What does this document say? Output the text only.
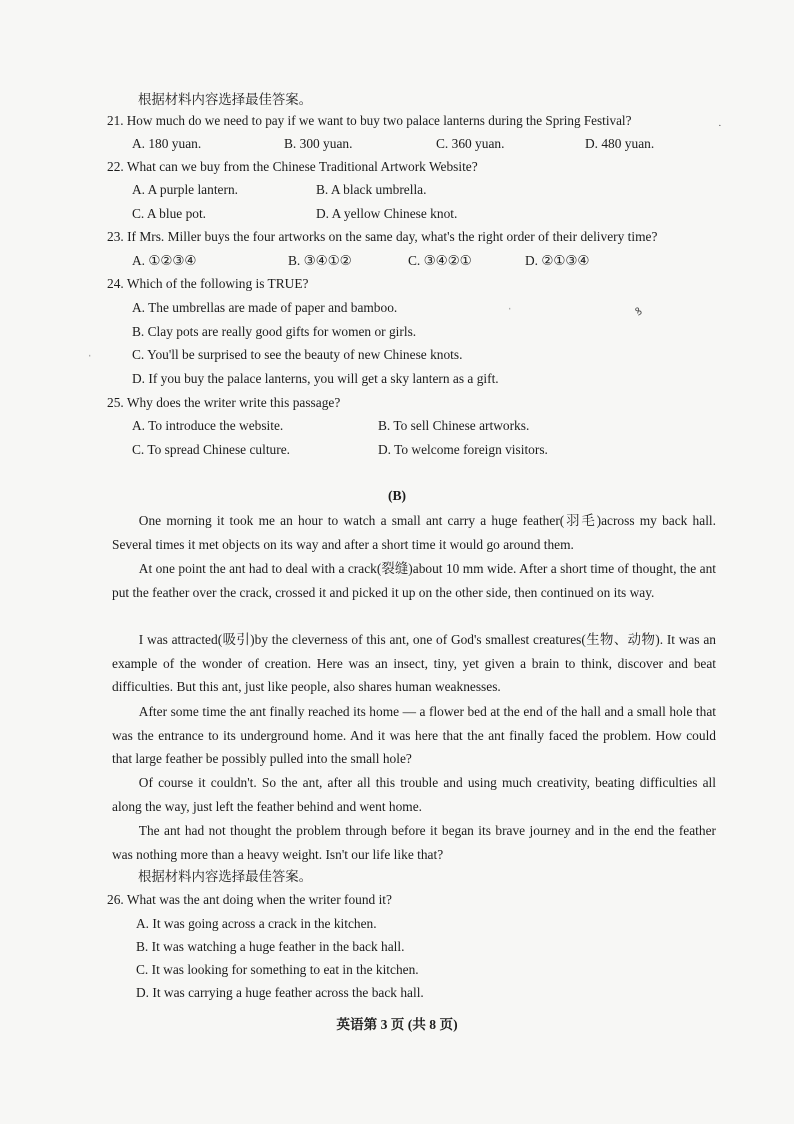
根据材料内容选择最佳答案。
21. How much do we need to pay if we want to buy two palace lanterns during the Spring Festival?
A. 180 yuan.	B. 300 yuan.	C. 360 yuan.	D. 480 yuan.
22. What can we buy from the Chinese Traditional Artwork Website?
A. A purple lantern.	B. A black umbrella.
C. A blue pot.	D. A yellow Chinese knot.
23. If Mrs. Miller buys the four artworks on the same day, what's the right order of their delivery time?
A. ①②③④	B. ③④①②	C. ③④②①	D. ②①③④
24. Which of the following is TRUE?
A. The umbrellas are made of paper and bamboo.
B. Clay pots are really good gifts for women or girls.
C. You'll be surprised to see the beauty of new Chinese knots.
D. If you buy the palace lanterns, you will get a sky lantern as a gift.
25. Why does the writer write this passage?
A. To introduce the website.	B. To sell Chinese artworks.
C. To spread Chinese culture.	D. To welcome foreign visitors.
(B)
One morning it took me an hour to watch a small ant carry a huge feather(羽毛)across my back hall. Several times it met objects on its way and after a short time it would go around them.
At one point the ant had to deal with a crack(裂缝)about 10 mm wide. After a short time of thought, the ant put the feather over the crack, crossed it and picked it up on the other side, then continued on its way.
I was attracted(吸引)by the cleverness of this ant, one of God's smallest creatures(生物、动物). It was an example of the wonder of creation. Here was an insect, tiny, yet given a brain to think, discover and beat difficulties. But this ant, just like people, also shares human weaknesses.
After some time the ant finally reached its home — a flower bed at the end of the hall and a small hole that was the entrance to its underground home. And it was here that the ant finally faced the problem. How could that large feather be possibly pulled into the small hole?
Of course it couldn't. So the ant, after all this trouble and using much creativity, beating difficulties all along the way, just left the feather behind and went home.
The ant had not thought the problem through before it began its brave journey and in the end the feather was nothing more than a heavy weight. Isn't our life like that?
根据材料内容选择最佳答案。
26. What was the ant doing when the writer found it?
A. It was going across a crack in the kitchen.
B. It was watching a huge feather in the back hall.
C. It was looking for something to eat in the kitchen.
D. It was carrying a huge feather across the back hall.
英语第 3 页 (共 8 页)
·
ꝸ
ˈ
ˌ
